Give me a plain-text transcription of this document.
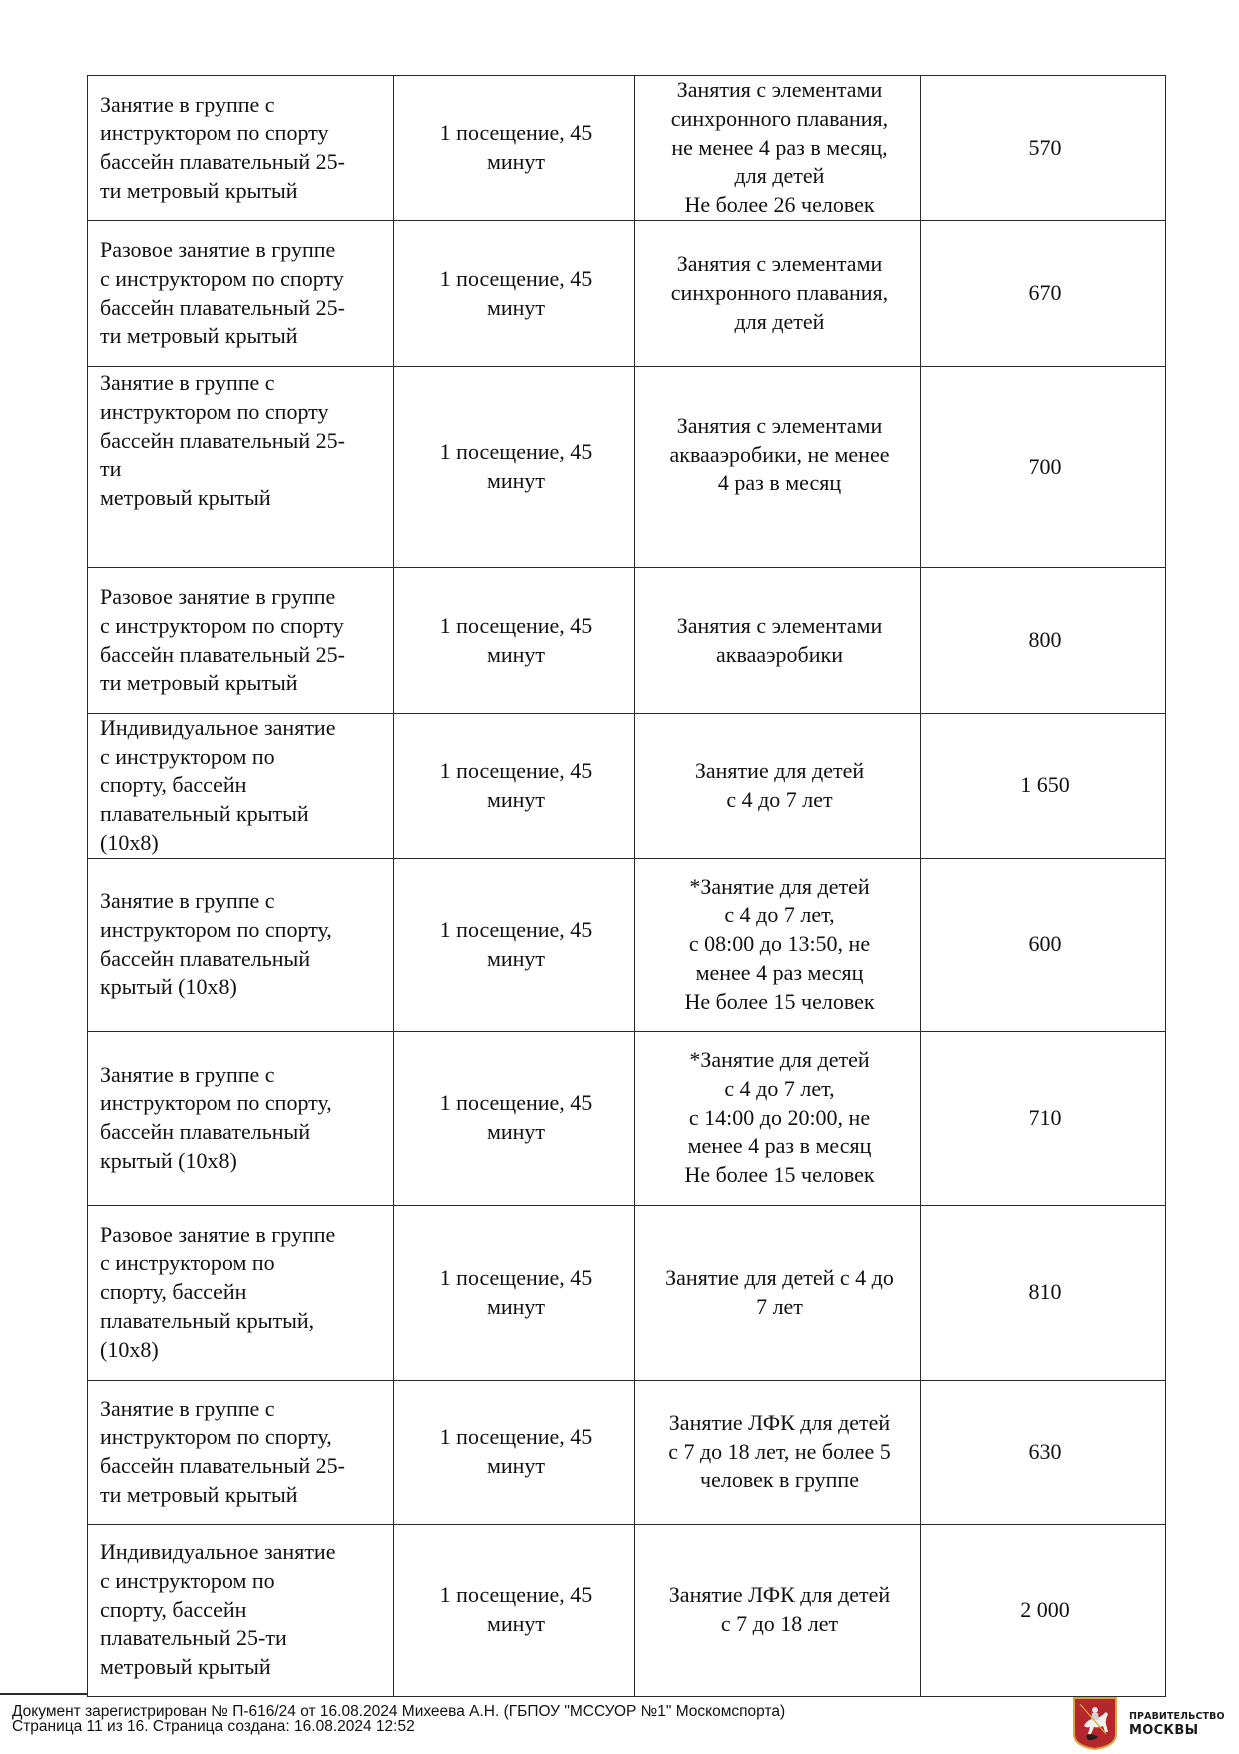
Занятие в группе с
инструктором по спорту
бассейн плавательный 25-
ти метровый крытый	1 посещение, 45
минут	Занятия с элементами
синхронного плавания,
не менее 4 раз в месяц,
для детей
Не более 26 человек	570
Разовое занятие в группе
с инструктором по спорту
бассейн плавательный 25-
ти метровый крытый	1 посещение, 45
минут	Занятия с элементами
синхронного плавания,
для детей	670
Занятие в группе с
инструктором по спорту
бассейн плавательный 25-
ти
метровый крытый	1 посещение, 45
минут	Занятия с элементами
аквааэробики, не менее
4 раз в месяц	700
Разовое занятие в группе
с инструктором по спорту
бассейн плавательный 25-
ти метровый крытый	1 посещение, 45
минут	Занятия с элементами
аквааэробики	800
Индивидуальное занятие
с инструктором по
спорту, бассейн
плавательный крытый
(10х8)	1 посещение, 45
минут	Занятие для детей
с 4 до 7 лет	1 650
Занятие в группе с
инструктором по спорту,
бассейн плавательный
крытый (10х8)	1 посещение, 45
минут	*Занятие для детей
с 4 до 7 лет,
с 08:00 до 13:50, не
менее 4 раз месяц
Не более 15 человек	600
Занятие в группе с
инструктором по спорту,
бассейн плавательный
крытый (10х8)	1 посещение, 45
минут	*Занятие для детей
с 4 до 7 лет,
с 14:00 до 20:00, не
менее 4 раз в месяц
Не более 15 человек	710
Разовое занятие в группе
с инструктором по
спорту, бассейн
плавательный крытый,
(10х8)	1 посещение, 45
минут	Занятие для детей с 4 до
7 лет	810
Занятие в группе с
инструктором по спорту,
бассейн плавательный 25-
ти метровый крытый	1 посещение, 45
минут	Занятие ЛФК для детей
с 7 до 18 лет, не более 5
человек в группе	630
Индивидуальное занятие
с инструктором по
спорту, бассейн
плавательный 25-ти
метровый крытый	1 посещение, 45
минут	Занятие ЛФК для детей
с 7 до 18 лет	2 000
Документ зарегистрирован № П-616/24 от 16.08.2024 Михеева А.Н. (ГБПОУ "МССУОР №1" Москомспорта)
Страница 11 из 16. Страница создана: 16.08.2024 12:52
ПРАВИТЕЛЬСТВО
МОСКВЫ
